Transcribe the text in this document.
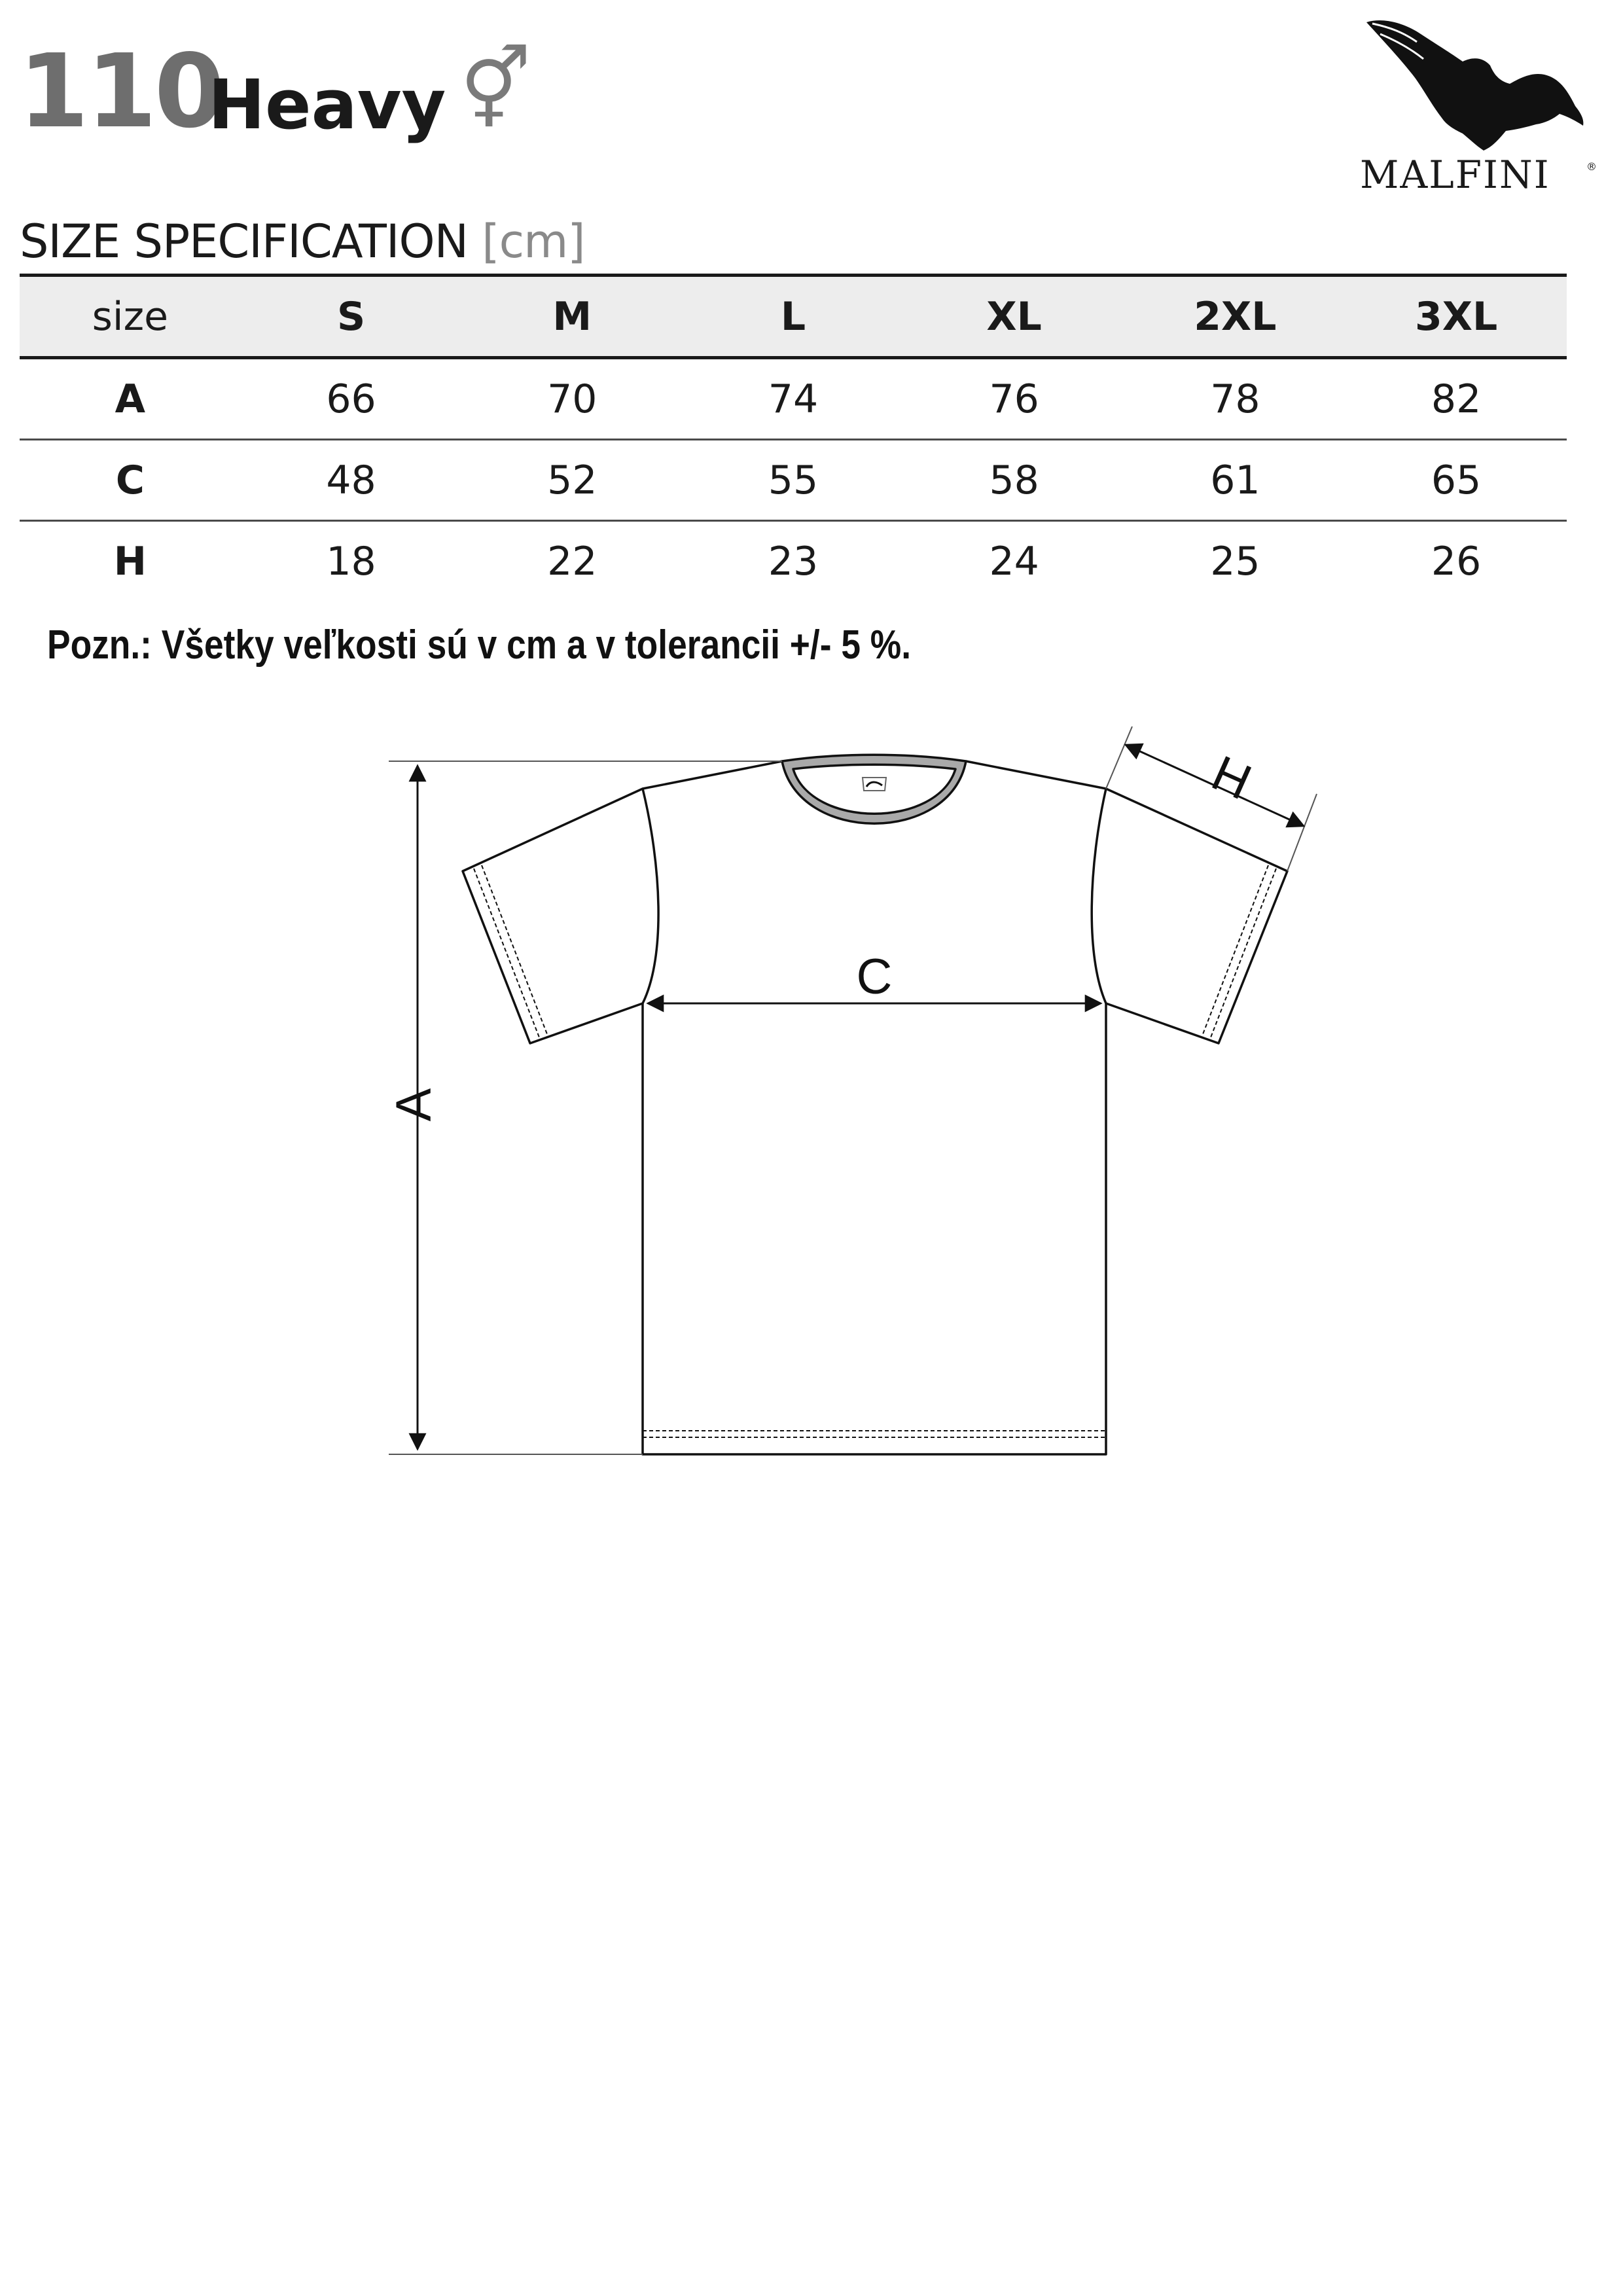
110
Heavy ⚥
MALFINI	®
SIZE SPECIFICATION [cm]
size	S	M	L	XL	2XL	3XL
A	66	70	74	76	78	82
C	48	52	55	58	61	65
H	18	22	23	24	25	26
Pozn.: Všetky veľkosti sú v cm a v tolerancii +/- 5 %.
A
C
H
